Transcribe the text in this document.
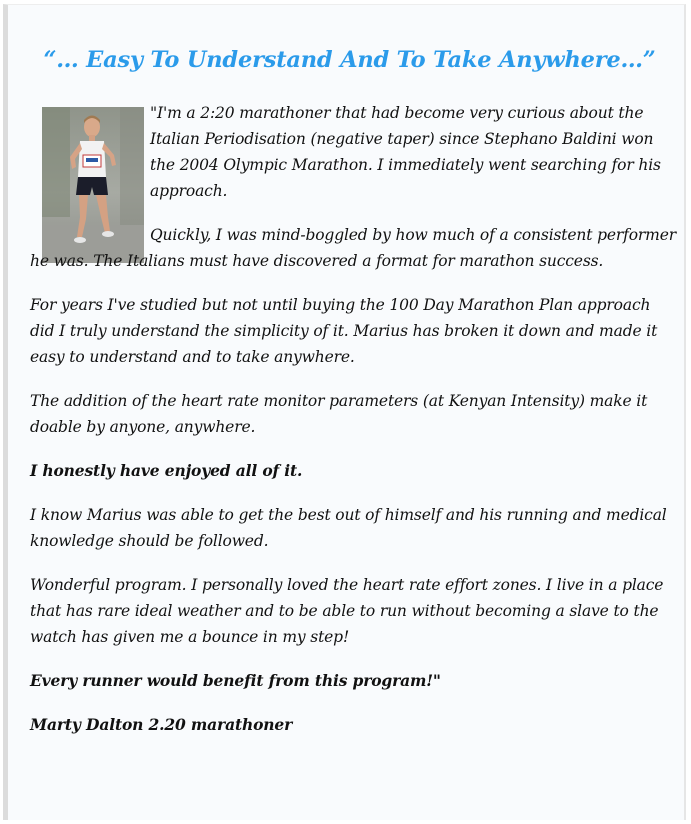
“… Easy To Understand And To Take Anywhere…”

"I'm a 2:20 marathoner that had become very curious about the Italian Periodisation (negative taper) since Stephano Baldini won the 2004 Olympic Marathon. I immediately went searching for his approach.

Quickly, I was mind-boggled by how much of a consistent performer he was. The Italians must have discovered a format for marathon success.

For years I've studied but not until buying the 100 Day Marathon Plan approach did I truly understand the simplicity of it. Marius has broken it down and made it easy to understand and to take anywhere.

The addition of the heart rate monitor parameters (at Kenyan Intensity) make it doable by anyone, anywhere.

I honestly have enjoyed all of it.

I know Marius was able to get the best out of himself and his running and medical knowledge should be followed.

Wonderful program. I personally loved the heart rate effort zones. I live in a place that has rare ideal weather and to be able to run without becoming a slave to the watch has given me a bounce in my step!

Every runner would benefit from this program!"

Marty Dalton 2.20 marathoner
